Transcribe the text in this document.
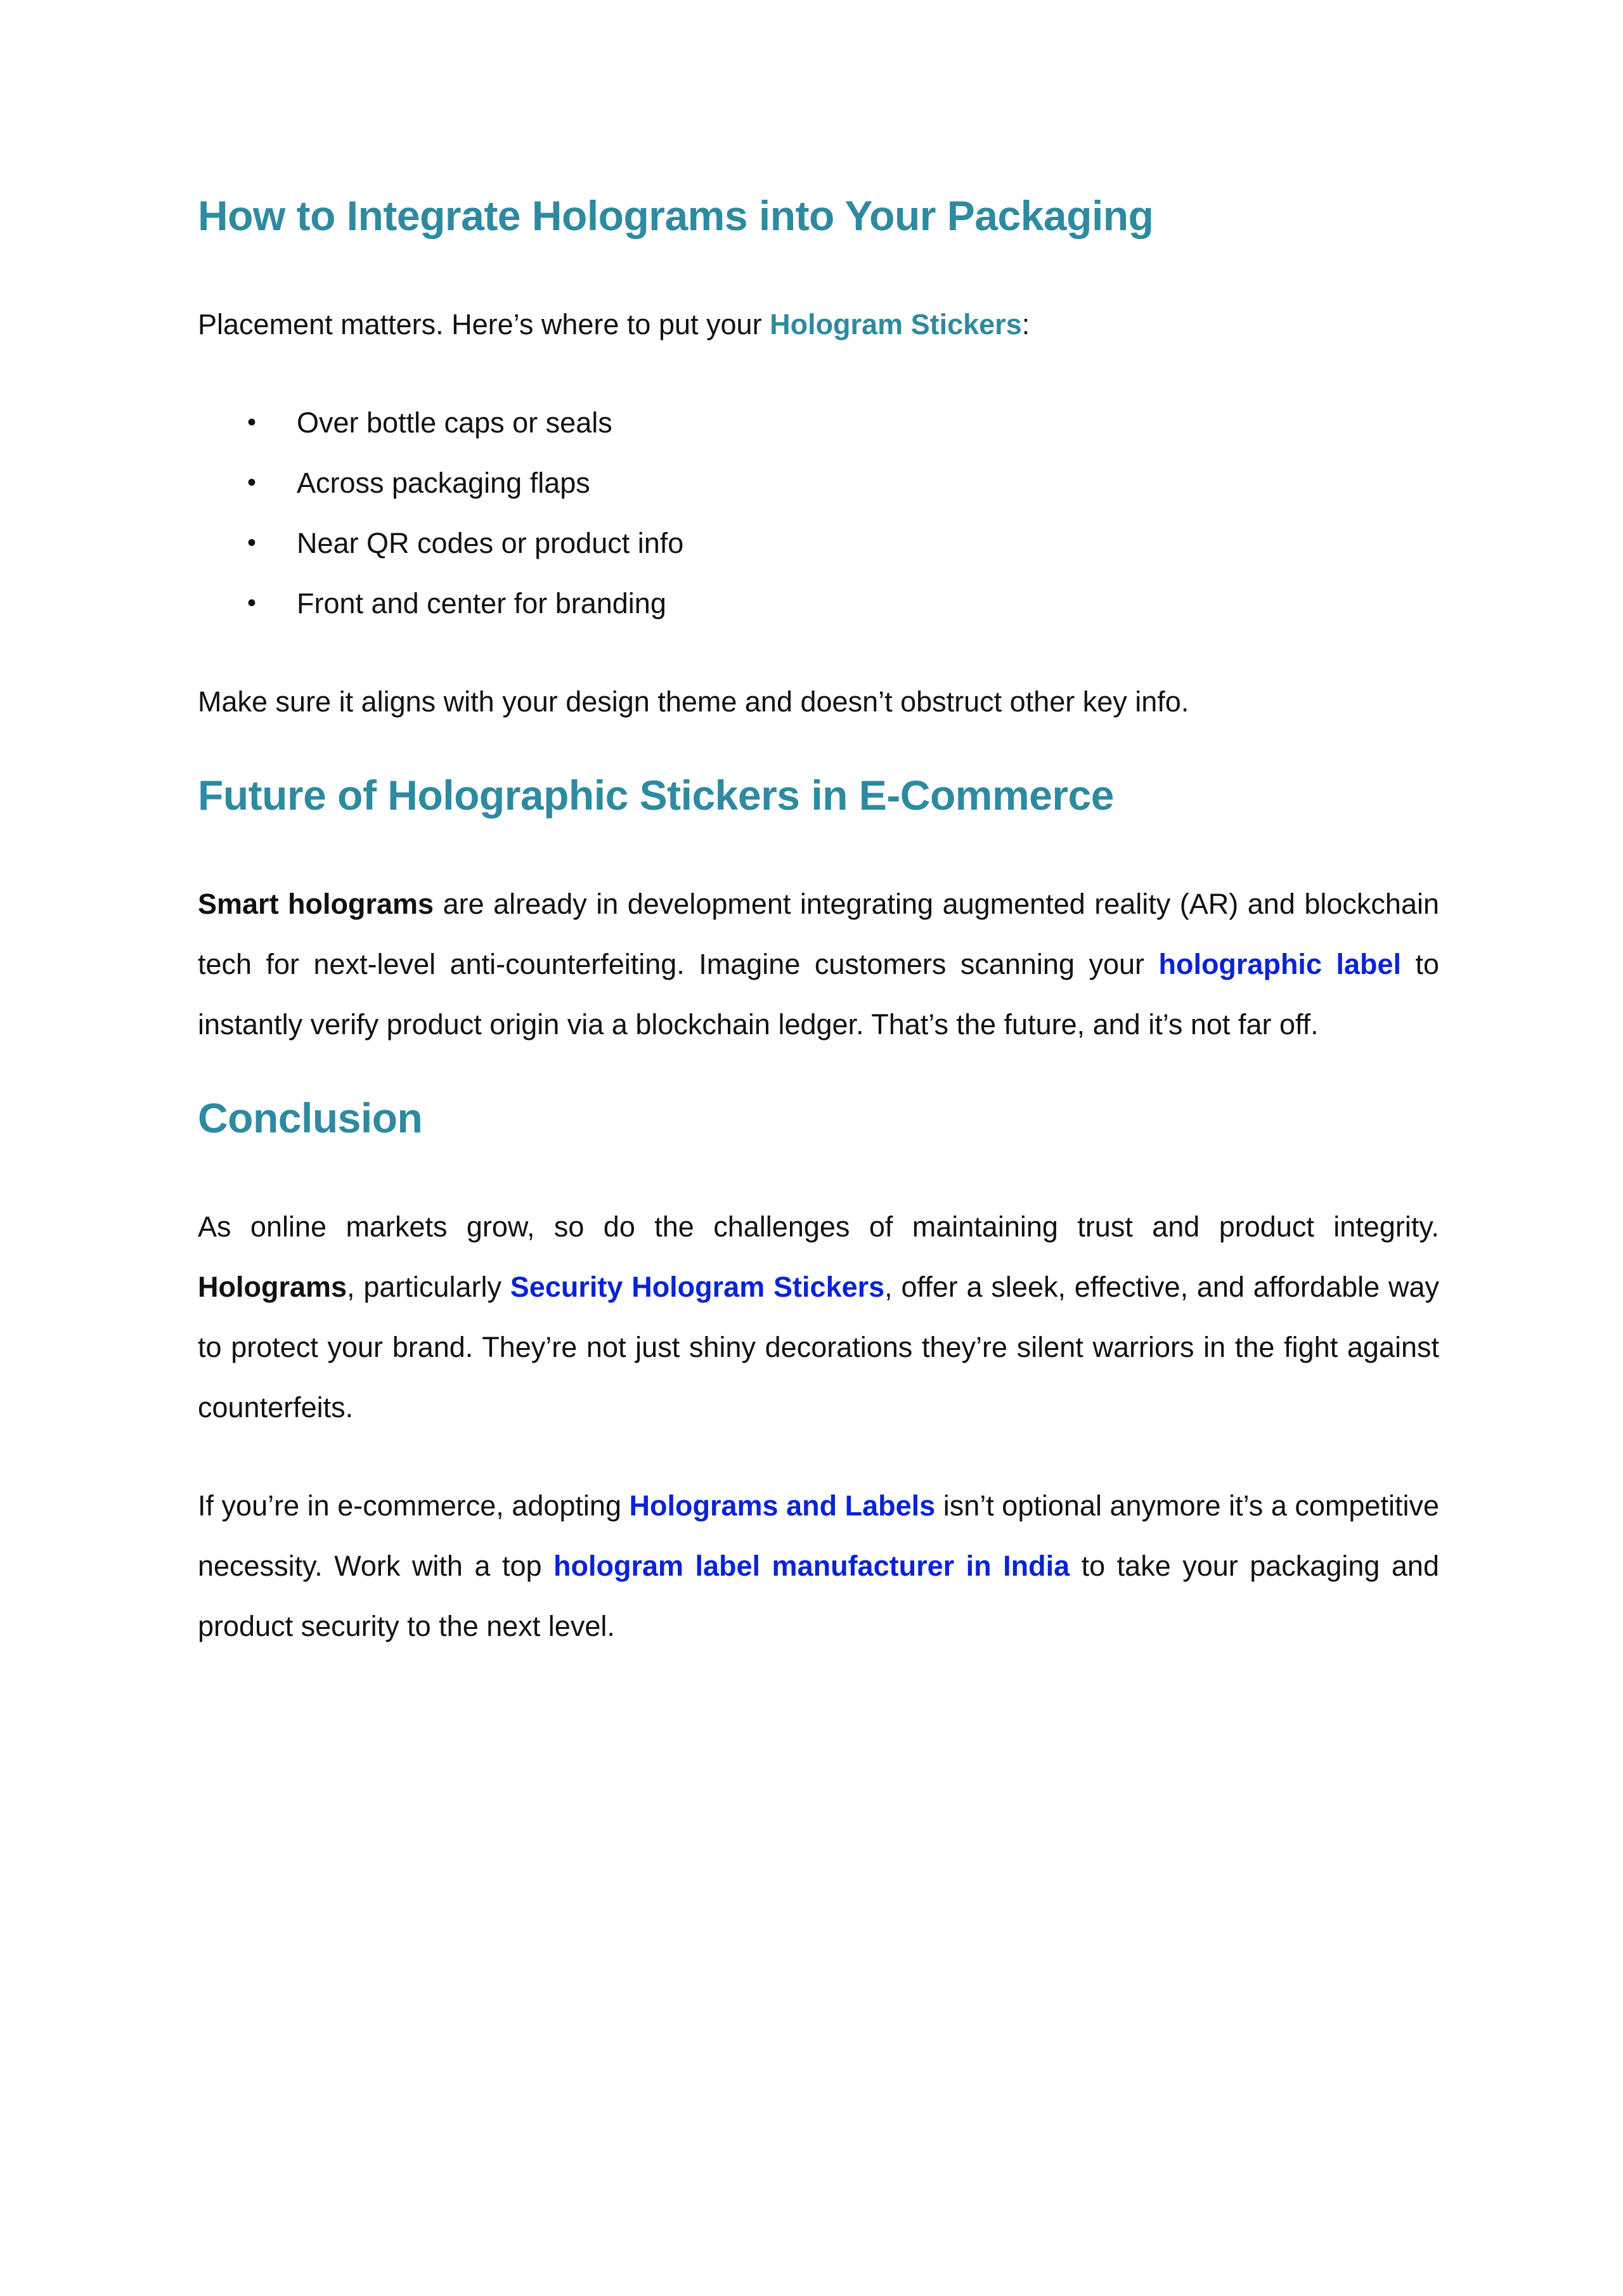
How to Integrate Holograms into Your Packaging

Placement matters. Here’s where to put your Hologram Stickers:

• Over bottle caps or seals
• Across packaging flaps
• Near QR codes or product info
• Front and center for branding

Make sure it aligns with your design theme and doesn’t obstruct other key info.

Future of Holographic Stickers in E-Commerce

Smart holograms are already in development integrating augmented reality (AR) and blockchain tech for next-level anti-counterfeiting. Imagine customers scanning your holographic label to instantly verify product origin via a blockchain ledger. That’s the future, and it’s not far off.

Conclusion

As online markets grow, so do the challenges of maintaining trust and product integrity. Holograms, particularly Security Hologram Stickers, offer a sleek, effective, and affordable way to protect your brand. They’re not just shiny decorations they’re silent warriors in the fight against counterfeits.

If you’re in e-commerce, adopting Holograms and Labels isn’t optional anymore it’s a competitive necessity. Work with a top hologram label manufacturer in India to take your packaging and product security to the next level.
